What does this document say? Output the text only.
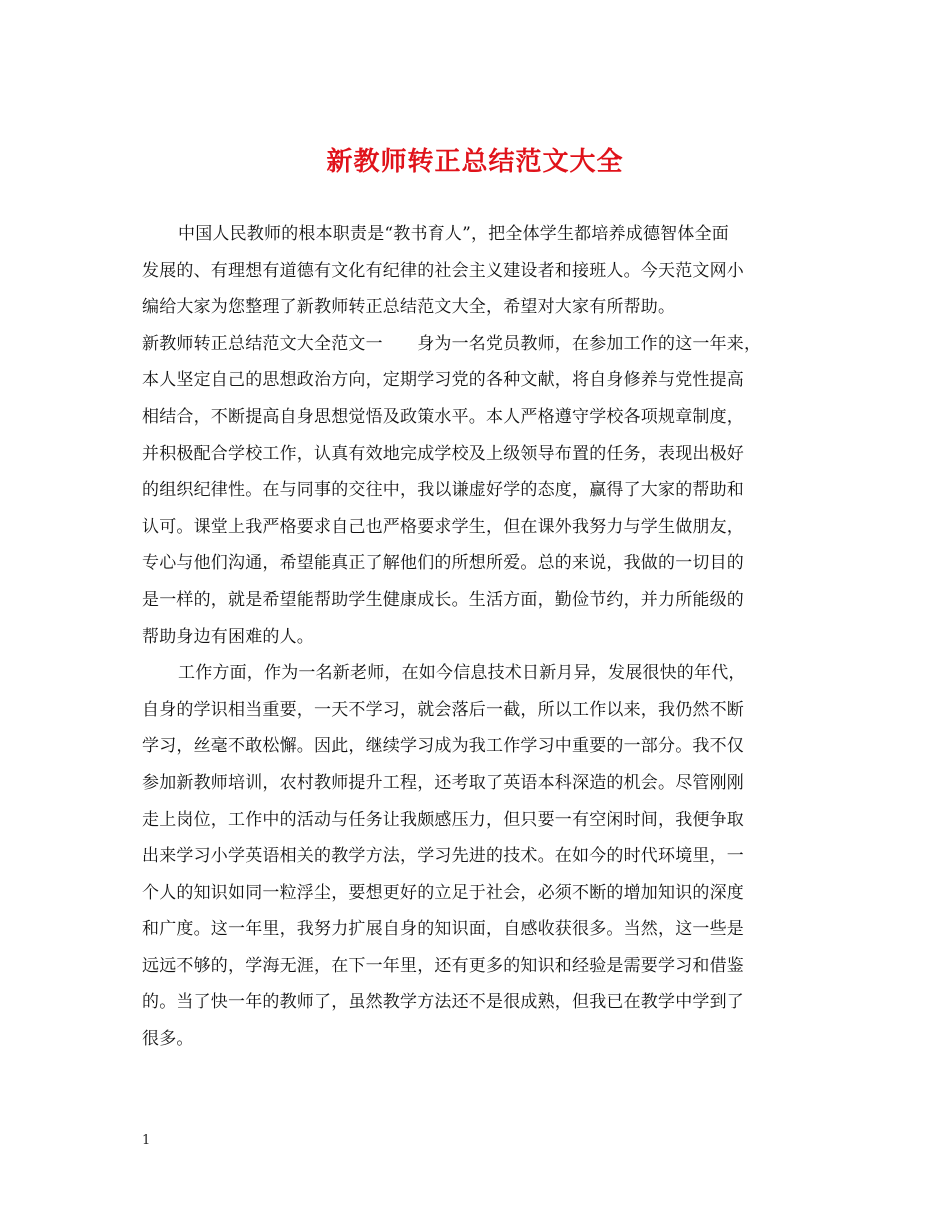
新教师转正总结范文大全
中国人民教师的根本职责是“教书育人”，把全体学生都培养成德智体全面
发展的、有理想有道德有文化有纪律的社会主义建设者和接班人。今天范文网小
编给大家为您整理了新教师转正总结范文大全，希望对大家有所帮助。
新教师转正总结范文大全范文一　　身为一名党员教师，在参加工作的这一年来，
本人坚定自己的思想政治方向，定期学习党的各种文献，将自身修养与党性提高
相结合，不断提高自身思想觉悟及政策水平。本人严格遵守学校各项规章制度，
并积极配合学校工作，认真有效地完成学校及上级领导布置的任务，表现出极好
的组织纪律性。在与同事的交往中，我以谦虚好学的态度，赢得了大家的帮助和
认可。课堂上我严格要求自己也严格要求学生，但在课外我努力与学生做朋友，
专心与他们沟通，希望能真正了解他们的所想所爱。总的来说，我做的一切目的
是一样的，就是希望能帮助学生健康成长。生活方面，勤俭节约，并力所能级的
帮助身边有困难的人。
工作方面，作为一名新老师，在如今信息技术日新月异，发展很快的年代，
自身的学识相当重要，一天不学习，就会落后一截，所以工作以来，我仍然不断
学习，丝毫不敢松懈。因此，继续学习成为我工作学习中重要的一部分。我不仅
参加新教师培训，农村教师提升工程，还考取了英语本科深造的机会。尽管刚刚
走上岗位，工作中的活动与任务让我颇感压力，但只要一有空闲时间，我便争取
出来学习小学英语相关的教学方法，学习先进的技术。在如今的时代环境里，一
个人的知识如同一粒浮尘，要想更好的立足于社会，必须不断的增加知识的深度
和广度。这一年里，我努力扩展自身的知识面，自感收获很多。当然，这一些是
远远不够的，学海无涯，在下一年里，还有更多的知识和经验是需要学习和借鉴
的。当了快一年的教师了，虽然教学方法还不是很成熟，但我已在教学中学到了
很多。
1
